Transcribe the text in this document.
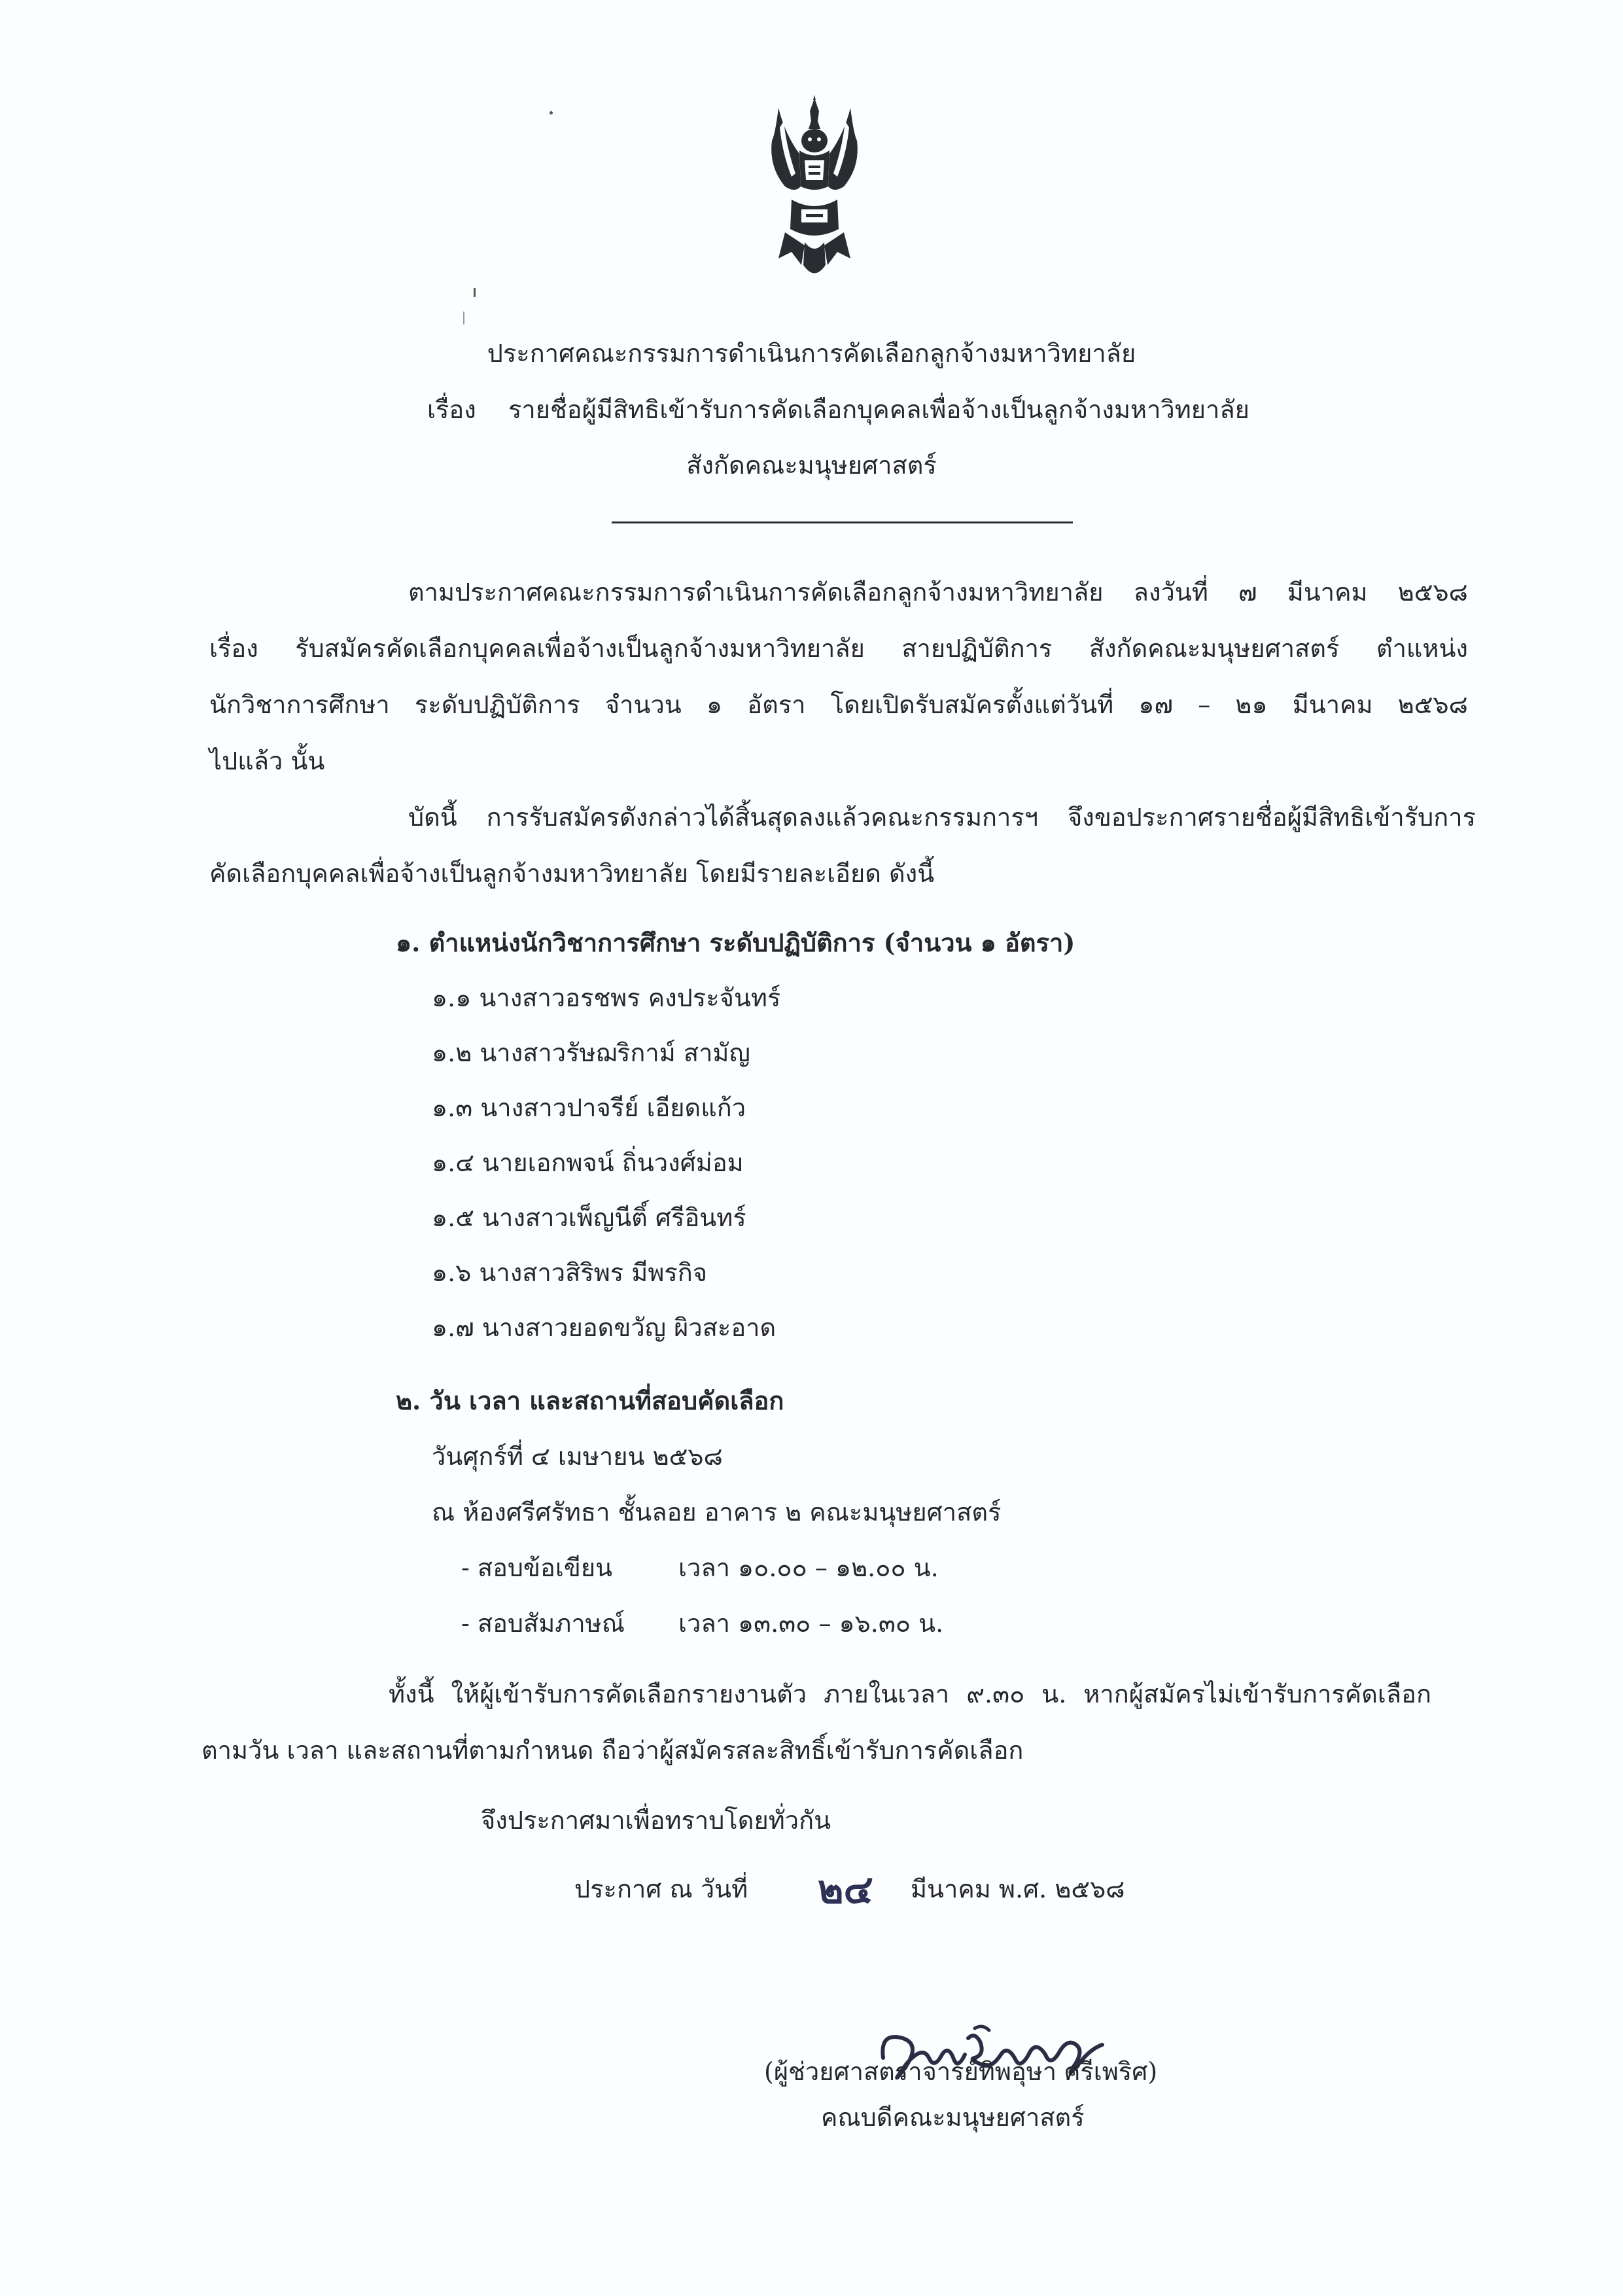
ประกาศคณะกรรมการดำเนินการคัดเลือกลูกจ้างมหาวิทยาลัย
เรื่อง รายชื่อผู้มีสิทธิเข้ารับการคัดเลือกบุคคลเพื่อจ้างเป็นลูกจ้างมหาวิทยาลัย
สังกัดคณะมนุษยศาสตร์
ตามประกาศคณะกรรมการดำเนินการคัดเลือกลูกจ้างมหาวิทยาลัย ลงวันที่ ๗ มีนาคม ๒๕๖๘
เรื่อง รับสมัครคัดเลือกบุคคลเพื่อจ้างเป็นลูกจ้างมหาวิทยาลัย สายปฏิบัติการ สังกัดคณะมนุษยศาสตร์ ตำแหน่ง
นักวิชาการศึกษา ระดับปฏิบัติการ จำนวน ๑ อัตรา โดยเปิดรับสมัครตั้งแต่วันที่ ๑๗ – ๒๑ มีนาคม ๒๕๖๘
ไปแล้ว นั้น
บัดนี้ การรับสมัครดังกล่าวได้สิ้นสุดลงแล้วคณะกรรมการฯ จึงขอประกาศรายชื่อผู้มีสิทธิเข้ารับการ
คัดเลือกบุคคลเพื่อจ้างเป็นลูกจ้างมหาวิทยาลัย โดยมีรายละเอียด ดังนี้
๑. ตำแหน่งนักวิชาการศึกษา ระดับปฏิบัติการ (จำนวน ๑ อัตรา)
๑.๑ นางสาวอรชพร คงประจันทร์
๑.๒ นางสาวรัษฌริกาม์ สามัญ
๑.๓ นางสาวปาจรีย์ เอียดแก้ว
๑.๔ นายเอกพจน์ ถิ่นวงศ์ม่อม
๑.๕ นางสาวเพ็ญนีติ์ ศรีอินทร์
๑.๖ นางสาวสิริพร มีพรกิจ
๑.๗ นางสาวยอดขวัญ ผิวสะอาด
๒. วัน เวลา และสถานที่สอบคัดเลือก
วันศุกร์ที่ ๔ เมษายน ๒๕๖๘
ณ ห้องศรีศรัทธา ชั้นลอย อาคาร ๒ คณะมนุษยศาสตร์
- สอบข้อเขียน	เวลา ๑๐.๐๐ – ๑๒.๐๐ น.
- สอบสัมภาษณ์ เวลา ๑๓.๓๐ – ๑๖.๓๐ น.
ทั้งนี้ ให้ผู้เข้ารับการคัดเลือกรายงานตัว ภายในเวลา ๙.๓๐ น. หากผู้สมัครไม่เข้ารับการคัดเลือก
ตามวัน เวลา และสถานที่ตามกำหนด ถือว่าผู้สมัครสละสิทธิ์เข้ารับการคัดเลือก
จึงประกาศมาเพื่อทราบโดยทั่วกัน
ประกาศ ณ วันที่ ๒๔ มีนาคม พ.ศ. ๒๕๖๘
(ผู้ช่วยศาสตราจารย์ทิพอุษา ศรีเพริศ)
คณบดีคณะมนุษยศาสตร์
